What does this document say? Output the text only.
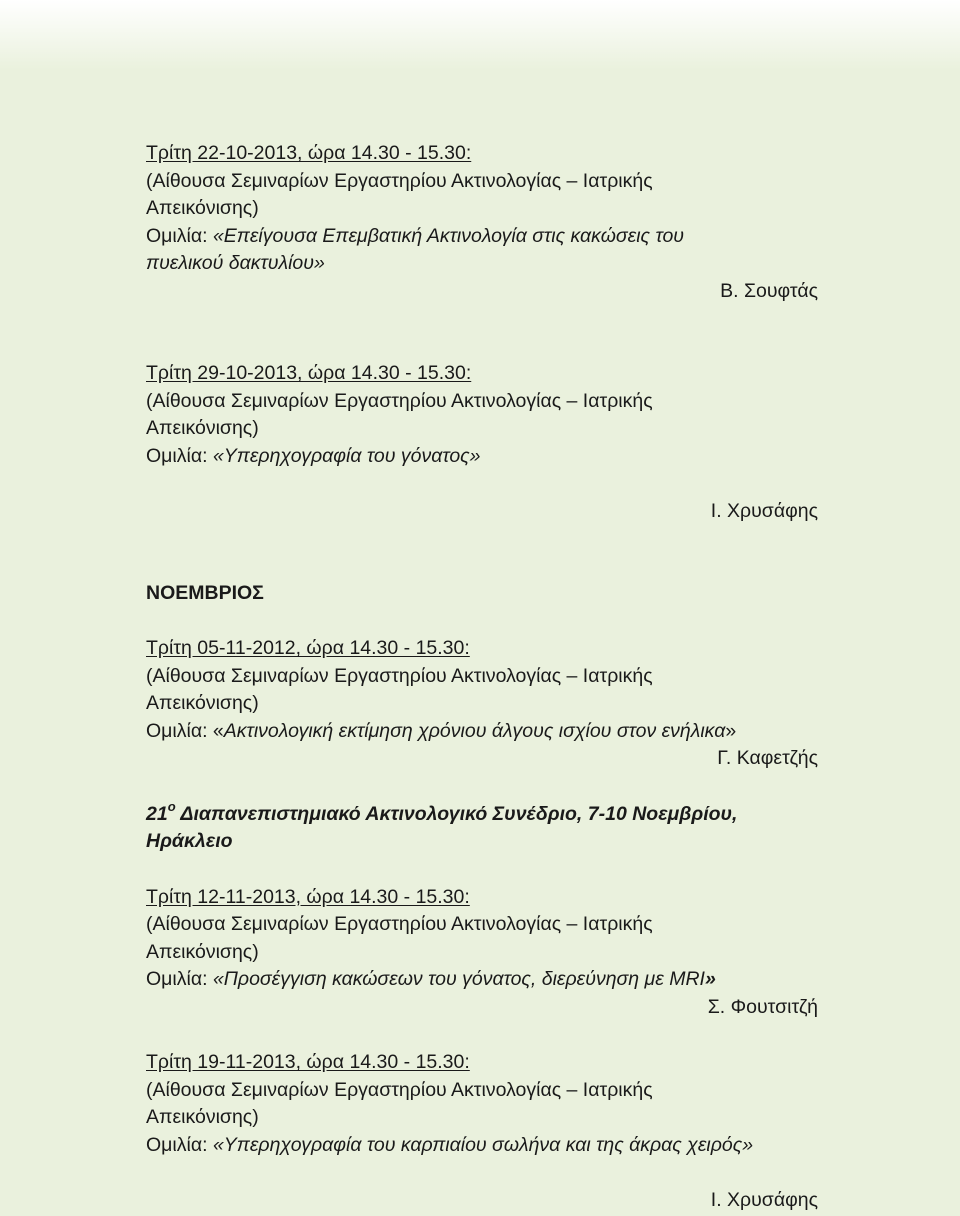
Τρίτη 22-10-2013, ώρα 14.30 - 15.30:
(Αίθουσα Σεμιναρίων Εργαστηρίου Ακτινολογίας – Ιατρικής
Απεικόνισης)
Ομιλία: «Επείγουσα Επεμβατική Ακτινολογία στις κακώσεις του
πυελικού δακτυλίου»
Β. Σουφτάς
Τρίτη 29-10-2013, ώρα 14.30 - 15.30:
(Αίθουσα Σεμιναρίων Εργαστηρίου Ακτινολογίας – Ιατρικής
Απεικόνισης)
Ομιλία: «Υπερηχογραφία του γόνατος»
Ι. Χρυσάφης
ΝΟΕΜΒΡΙΟΣ
Τρίτη 05-11-2012, ώρα 14.30 - 15.30:
(Αίθουσα Σεμιναρίων Εργαστηρίου Ακτινολογίας – Ιατρικής
Απεικόνισης)
Ομιλία: «Ακτινολογική εκτίμηση χρόνιου άλγους ισχίου στον ενήλικα»
Γ. Καφετζής
$21^o$ Διαπανεπιστημιακό Ακτινολογικό Συνέδριο, 7-10 Νοεμβρίου,
Ηράκλειο
Τρίτη 12-11-2013, ώρα 14.30 - 15.30:
(Αίθουσα Σεμιναρίων Εργαστηρίου Ακτινολογίας – Ιατρικής
Απεικόνισης)
Ομιλία: «Προσέγγιση κακώσεων του γόνατος, διερεύνηση με MRI»
Σ. Φουτσιτζή
Τρίτη 19-11-2013, ώρα 14.30 - 15.30:
(Αίθουσα Σεμιναρίων Εργαστηρίου Ακτινολογίας – Ιατρικής
Απεικόνισης)
Ομιλία: «Υπερηχογραφία του καρπιαίου σωλήνα και της άκρας χειρός»
Ι. Χρυσάφης
